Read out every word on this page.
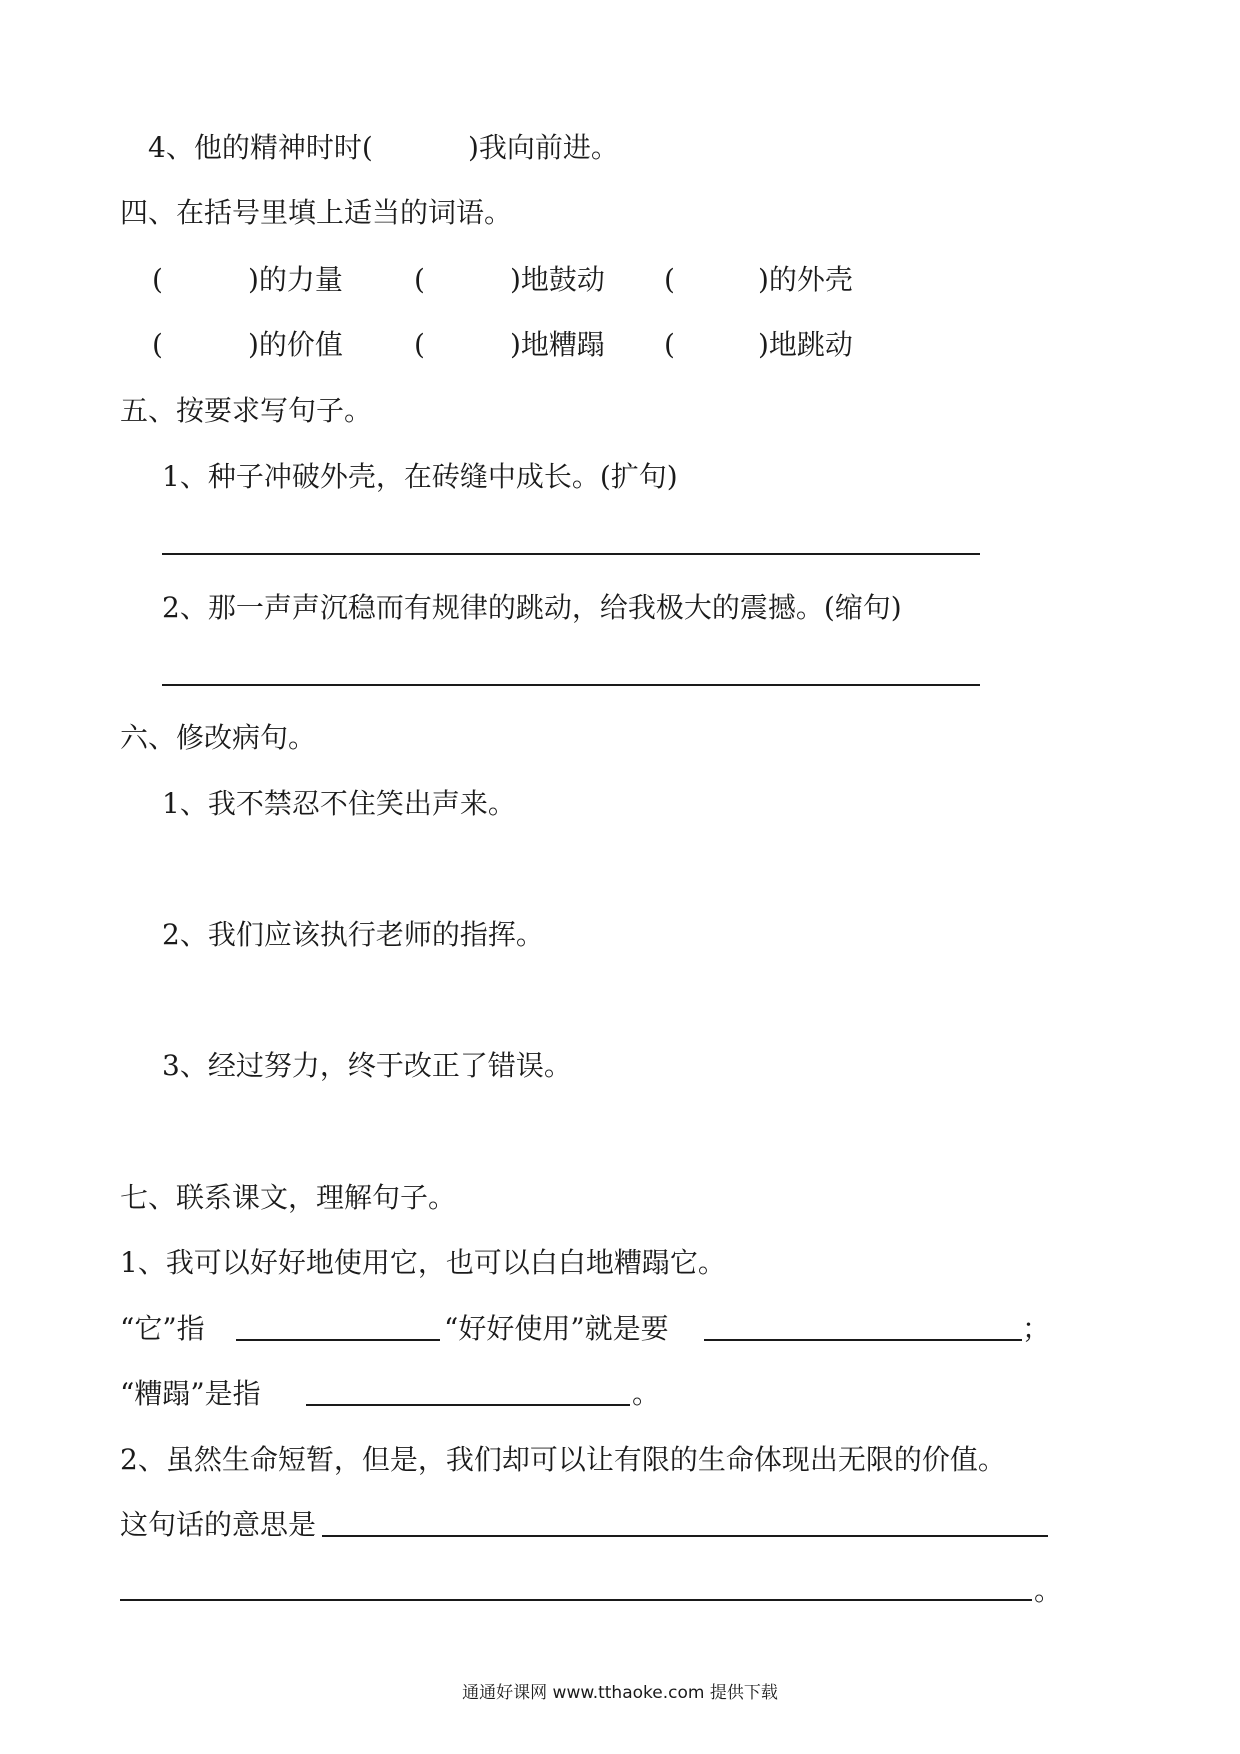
4、他的精神时时(	)我向前进。
四、在括号里填上适当的词语。
(	)的力量	(	)地鼓动 (	)的外壳
(	)的价值	(	)地糟蹋 (	)地跳动
五、按要求写句子。
1、种子冲破外壳，在砖缝中成长。(扩句)
2、那一声声沉稳而有规律的跳动，给我极大的震撼。(缩句)
六、修改病句。
1、我不禁忍不住笑出声来。
2、我们应该执行老师的指挥。
3、经过努力，终于改正了错误。
七、联系课文，理解句子。
1、我可以好好地使用它，也可以白白地糟蹋它。
“它”指	“好好使用”就是要	；
“糟蹋”是指	。
2、虽然生命短暂，但是，我们却可以让有限的生命体现出无限的价值。
这句话的意思是
。
通通好课网 www.tthaoke.com 提供下载
